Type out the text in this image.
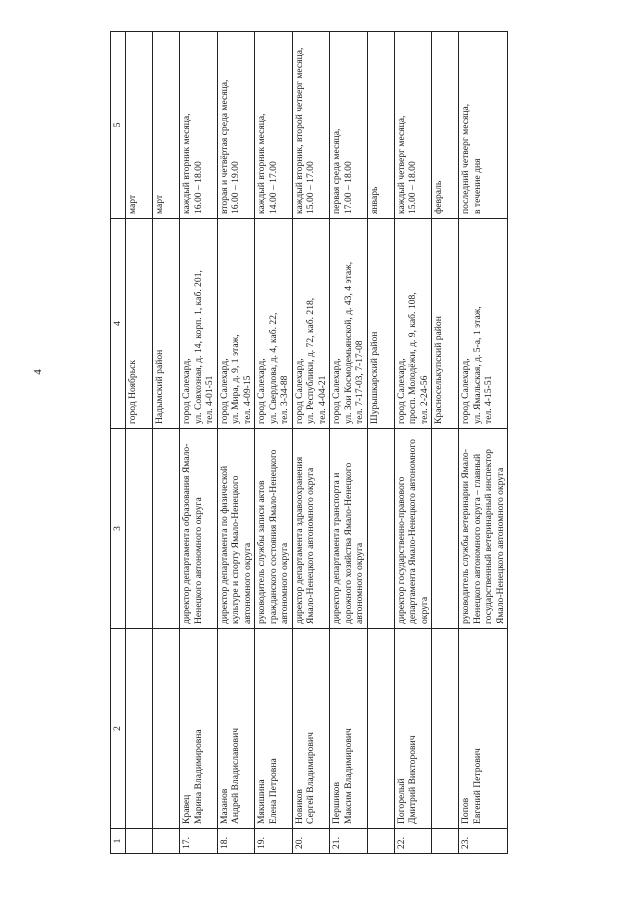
4
1	2	3	4	5
			город Ноябрьск	март
			Надымский район	март
17.	Кравец
Марина Владимировна	директор департамента образования Ямало-Ненецкого автономного округа	город Салехард,
ул. Совхозная, д. 14, корп. 1, каб. 201,
тел. 4-01-51	каждый вторник месяца,
16.00 – 18.00
18.	Мазанов
Андрей Владиславович	директор департамента по физической культуре и спорту Ямало-Ненецкого автономного округа	город Салехард,
ул. Мира, д. 9, 1 этаж,
тел. 4-09-15	вторая и четвёртая среда месяца,
16.00 – 19.00
19.	Мякишина
Елена Петровна	руководитель службы записи актов гражданского состояния Ямало-Ненецкого автономного округа	город Салехард,
ул. Свердлова, д. 4, каб. 22,
тел. 3-34-88	каждый вторник месяца,
14.00 – 17.00
20.	Новиков
Сергей Владимирович	директор департамента здравоохранения Ямало-Ненецкого автономного округа	город Салехард,
ул. Республики, д. 72, каб. 218,
тел. 4-04-21	каждый вторник, второй четверг месяца,
15.00 – 17.00
21.	Першиков
Максим Владимирович	директор департамента транспорта и дорожного хозяйства Ямало-Ненецкого автономного округа	город Салехард,
ул. Зои Космодемьянской, д. 43, 4 этаж,
тел. 7-17-03, 7-17-08	первая среда месяца,
17.00 – 18.00
			Шурышкарский район	январь
22.	Погорелый
Дмитрий Викторович	директор государственно-правового департамента Ямало-Ненецкого автономного округа	город Салехард,
просп. Молодёжи, д. 9, каб. 108,
тел. 2-24-56	каждый четверг месяца,
15.00 – 18.00
			Красноселькупский район	февраль
23.	Попов
Евгений Петрович	руководитель службы ветеринарии Ямало-Ненецкого автономного округа – главный государственный ветеринарный инспектор Ямало-Ненецкого автономного округа	город Салехард,
ул. Ямальская, д. 5-а, 1 этаж,
тел. 4-15-51	последний четверг месяца,
в течение дня
